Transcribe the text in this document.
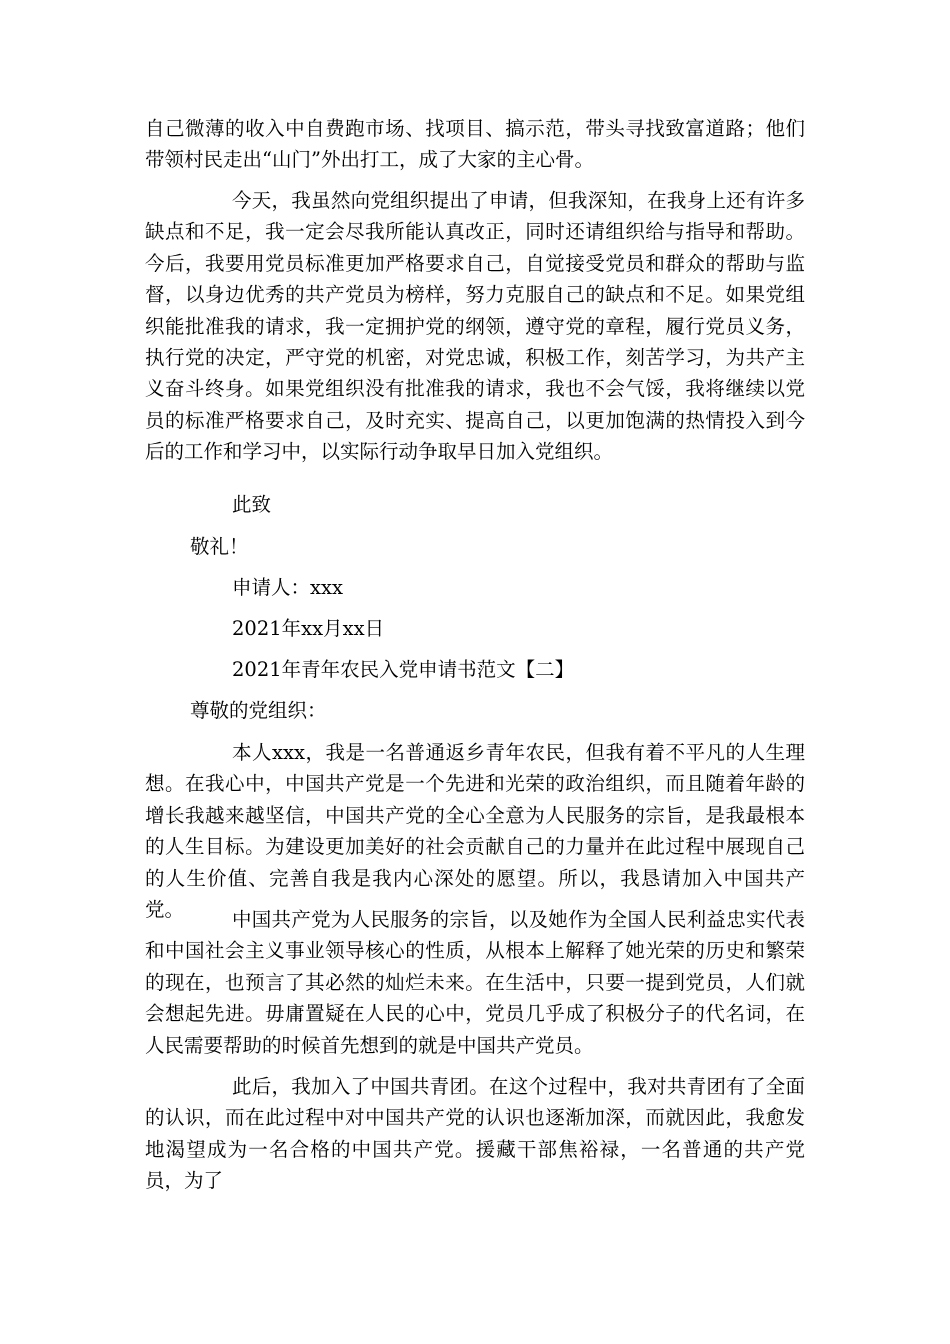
自己微薄的收入中自费跑市场、找项目、搞示范，带头寻找致富道路；他们带领村民走出“山门”外出打工，成了大家的主心骨。

今天，我虽然向党组织提出了申请，但我深知，在我身上还有许多缺点和不足，我一定会尽我所能认真改正，同时还请组织给与指导和帮助。今后，我要用党员标准更加严格要求自己，自觉接受党员和群众的帮助与监督，以身边优秀的共产党员为榜样，努力克服自己的缺点和不足。如果党组织能批准我的请求，我一定拥护党的纲领，遵守党的章程，履行党员义务，执行党的决定，严守党的机密，对党忠诚，积极工作，刻苦学习，为共产主义奋斗终身。如果党组织没有批准我的请求，我也不会气馁，我将继续以党员的标准严格要求自己，及时充实、提高自己，以更加饱满的热情投入到今后的工作和学习中，以实际行动争取早日加入党组织。

此致

敬礼！

申请人：xxx

2021年xx月xx日

2021年青年农民入党申请书范文【二】

尊敬的党组织：

本人xxx，我是一名普通返乡青年农民，但我有着不平凡的人生理想。在我心中，中国共产党是一个先进和光荣的政治组织，而且随着年龄的增长我越来越坚信，中国共产党的全心全意为人民服务的宗旨，是我最根本的人生目标。为建设更加美好的社会贡献自己的力量并在此过程中展现自己的人生价值、完善自我是我内心深处的愿望。所以，我恳请加入中国共产党。	中国共产党为人民服务的宗旨，以及她作为全国人民利益忠实代表和中国社会主义事业领导核心的性质，从根本上解释了她光荣的历史和繁荣的现在，也预言了其必然的灿烂未来。在生活中，只要一提到党员，人们就会想起先进。毋庸置疑在人民的心中，党员几乎成了积极分子的代名词，在人民需要帮助的时候首先想到的就是中国共产党员。

此后，我加入了中国共青团。在这个过程中，我对共青团有了全面的认识，而在此过程中对中国共产党的认识也逐渐加深，而就因此，我愈发地渴望成为一名合格的中国共产党。援藏干部焦裕禄，一名普通的共产党员，为了
